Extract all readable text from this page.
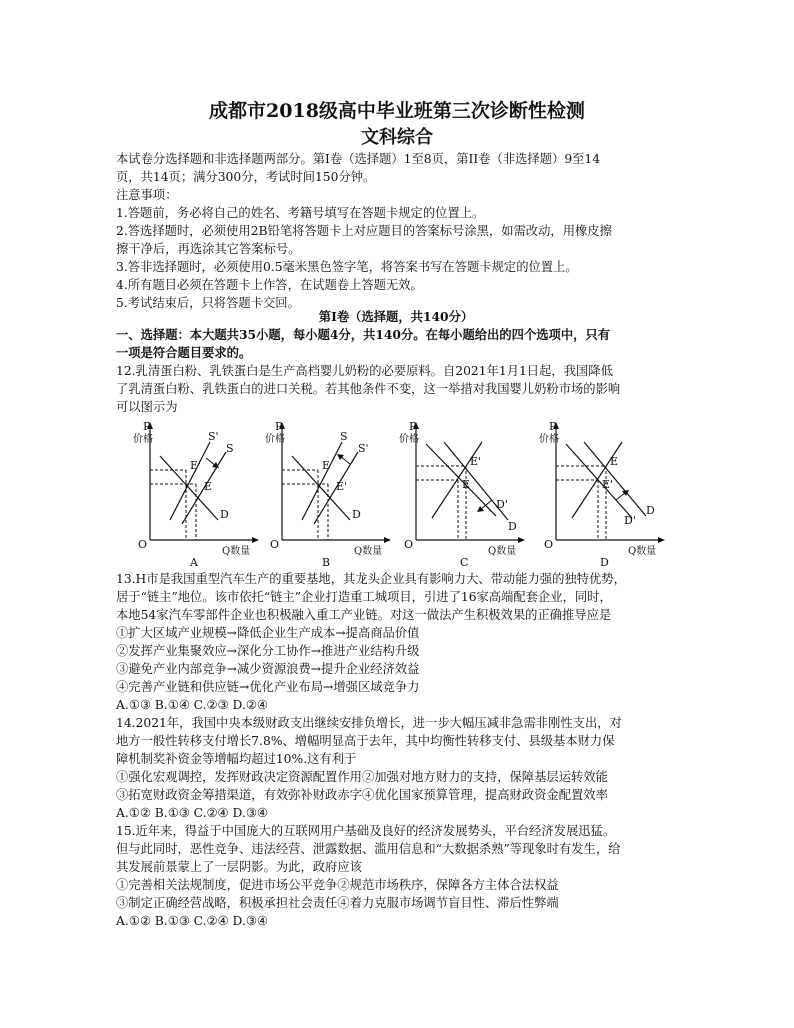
成都市2018级高中毕业班第三次诊断性检测
文科综合
本试卷分选择题和非选择题两部分。第I卷（选择题）1至8页，第II卷（非选择题）9至14
页，共14页；满分300分，考试时间150分钟。
注意事项：
1.答题前，务必将自己的姓名、考籍号填写在答题卡规定的位置上。
2.答选择题时，必须使用2B铅笔将答题卡上对应题目的答案标号涂黑，如需改动，用橡皮擦
擦干净后，再选涂其它答案标号。
3.答非选择题时，必须使用0.5毫米黑色签字笔，将答案书写在答题卡规定的位置上。
4.所有题目必须在答题卡上作答，在试题卷上答题无效。
5.考试结束后，只将答题卡交回。
第I卷（选择题，共140分）
一、选择题：本大题共35小题，每小题4分，共140分。在每小题给出的四个选项中，只有
一项是符合题目要求的。
12.乳清蛋白粉、乳铁蛋白是生产高档婴儿奶粉的必要原料。自2021年1月1日起，我国降低
了乳清蛋白粉、乳铁蛋白的进口关税。若其他条件不变，这一举措对我国婴儿奶粉市场的影响
可以图示为
P
价格
O
Q数量
S'
S
D
E'
E
A
P
价格
O
Q数量
S
S'
D
E
E'
B
P
价格
O
Q数量
D
D'
E'
E
C
P
价格
O
Q数量
D
D'
E
E'
D
13.H市是我国重型汽车生产的重要基地，其龙头企业具有影响力大、带动能力强的独特优势，
居于“链主”地位。该市依托“链主”企业打造重工城项目，引进了16家高端配套企业，同时，
本地54家汽车零部件企业也积极融入重工产业链。对这一做法产生积极效果的正确推导应是
①扩大区域产业规模→降低企业生产成本→提高商品价值
②发挥产业集聚效应→深化分工协作→推进产业结构升级
③避免产业内部竞争→减少资源浪费→提升企业经济效益
④完善产业链和供应链→优化产业布局→增强区域竞争力
A.①③ B.①④ C.②③ D.②④
14.2021年，我国中央本级财政支出继续安排负增长，进一步大幅压减非急需非刚性支出，对
地方一般性转移支付增长7.8%、增幅明显高于去年，其中均衡性转移支付、县级基本财力保
障机制奖补资金等增幅均超过10%.这有利于
①强化宏观调控，发挥财政决定资源配置作用②加强对地方财力的支持，保障基层运转效能
③拓宽财政资金筹措渠道，有效弥补财政赤字④优化国家预算管理，提高财政资金配置效率
A.①② B.①③ C.②④ D.③④
15.近年来，得益于中国庞大的互联网用户基础及良好的经济发展势头，平台经济发展迅猛。
但与此同时，恶性竞争、违法经营、泄露数据、滥用信息和“大数据杀熟”等现象时有发生，给
其发展前景蒙上了一层阴影。为此，政府应该
①完善相关法规制度，促进市场公平竞争②规范市场秩序，保障各方主体合法权益
③制定正确经营战略，积极承担社会责任④着力克服市场调节盲目性、滞后性弊端
A.①② B.①③ C.②④ D.③④
